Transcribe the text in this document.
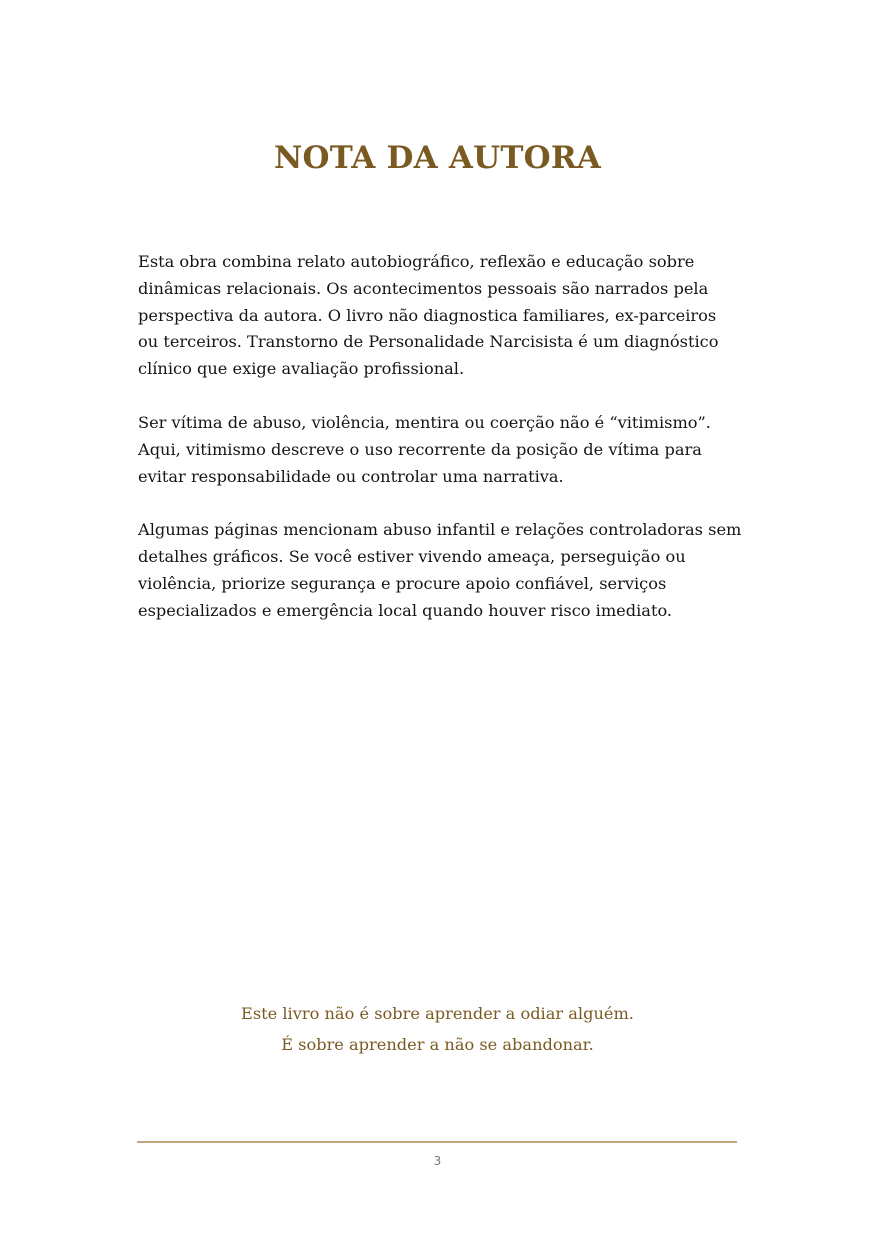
NOTA DA AUTORA

Esta obra combina relato autobiográfico, reflexão e educação sobre
dinâmicas relacionais. Os acontecimentos pessoais são narrados pela
perspectiva da autora. O livro não diagnostica familiares, ex-parceiros
ou terceiros. Transtorno de Personalidade Narcisista é um diagnóstico
clínico que exige avaliação profissional.

Ser vítima de abuso, violência, mentira ou coerção não é “vitimismo”.
Aqui, vitimismo descreve o uso recorrente da posição de vítima para
evitar responsabilidade ou controlar uma narrativa.

Algumas páginas mencionam abuso infantil e relações controladoras sem
detalhes gráficos. Se você estiver vivendo ameaça, perseguição ou
violência, priorize segurança e procure apoio confiável, serviços
especializados e emergência local quando houver risco imediato.

Este livro não é sobre aprender a odiar alguém.
É sobre aprender a não se abandonar.
3
